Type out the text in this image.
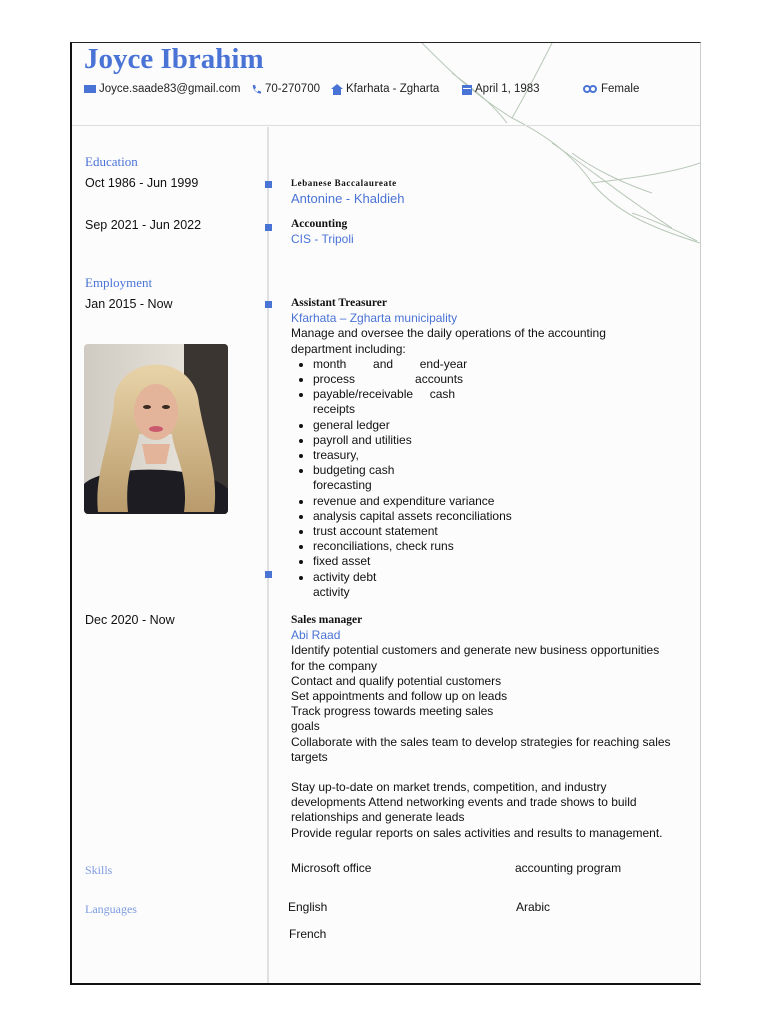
Joyce Ibrahim
Joyce.saade83@gmail.com 70-270700 Kfarhata - Zgharta	April 1, 1983	Female
Education
Oct 1986 - Jun 1999	Lebanese Baccalaureate
Antonine - Khaldieh
Sep 2021 - Jun 2022	Accounting
CIS - Tripoli
Employment
Jan 2015 - Now	Assistant Treasurer
Kfarhata – Zgharta municipality
Manage and oversee the daily operations of the accounting department including:
• month        and        end-year
• process                  accounts
• payable/receivable     cash
receipts
• general ledger
• payroll and utilities
• treasury,
• budgeting cash
forecasting
• revenue and expenditure variance
• analysis capital assets reconciliations
• trust account statement
• reconciliations, check runs
• fixed asset
• activity debt
activity
Dec 2020 - Now	Sales manager
Abi Raad
Identify potential customers and generate new business opportunities
for the company
Contact and qualify potential customers
Set appointments and follow up on leads
Track progress towards meeting sales
goals
Collaborate with the sales team to develop strategies for reaching sales
targets
Stay up-to-date on market trends, competition, and industry
developments Attend networking events and trade shows to build
relationships and generate leads
Provide regular reports on sales activities and results to management.
Skills	Microsoft office	accounting program
Languages	English	Arabic
French
